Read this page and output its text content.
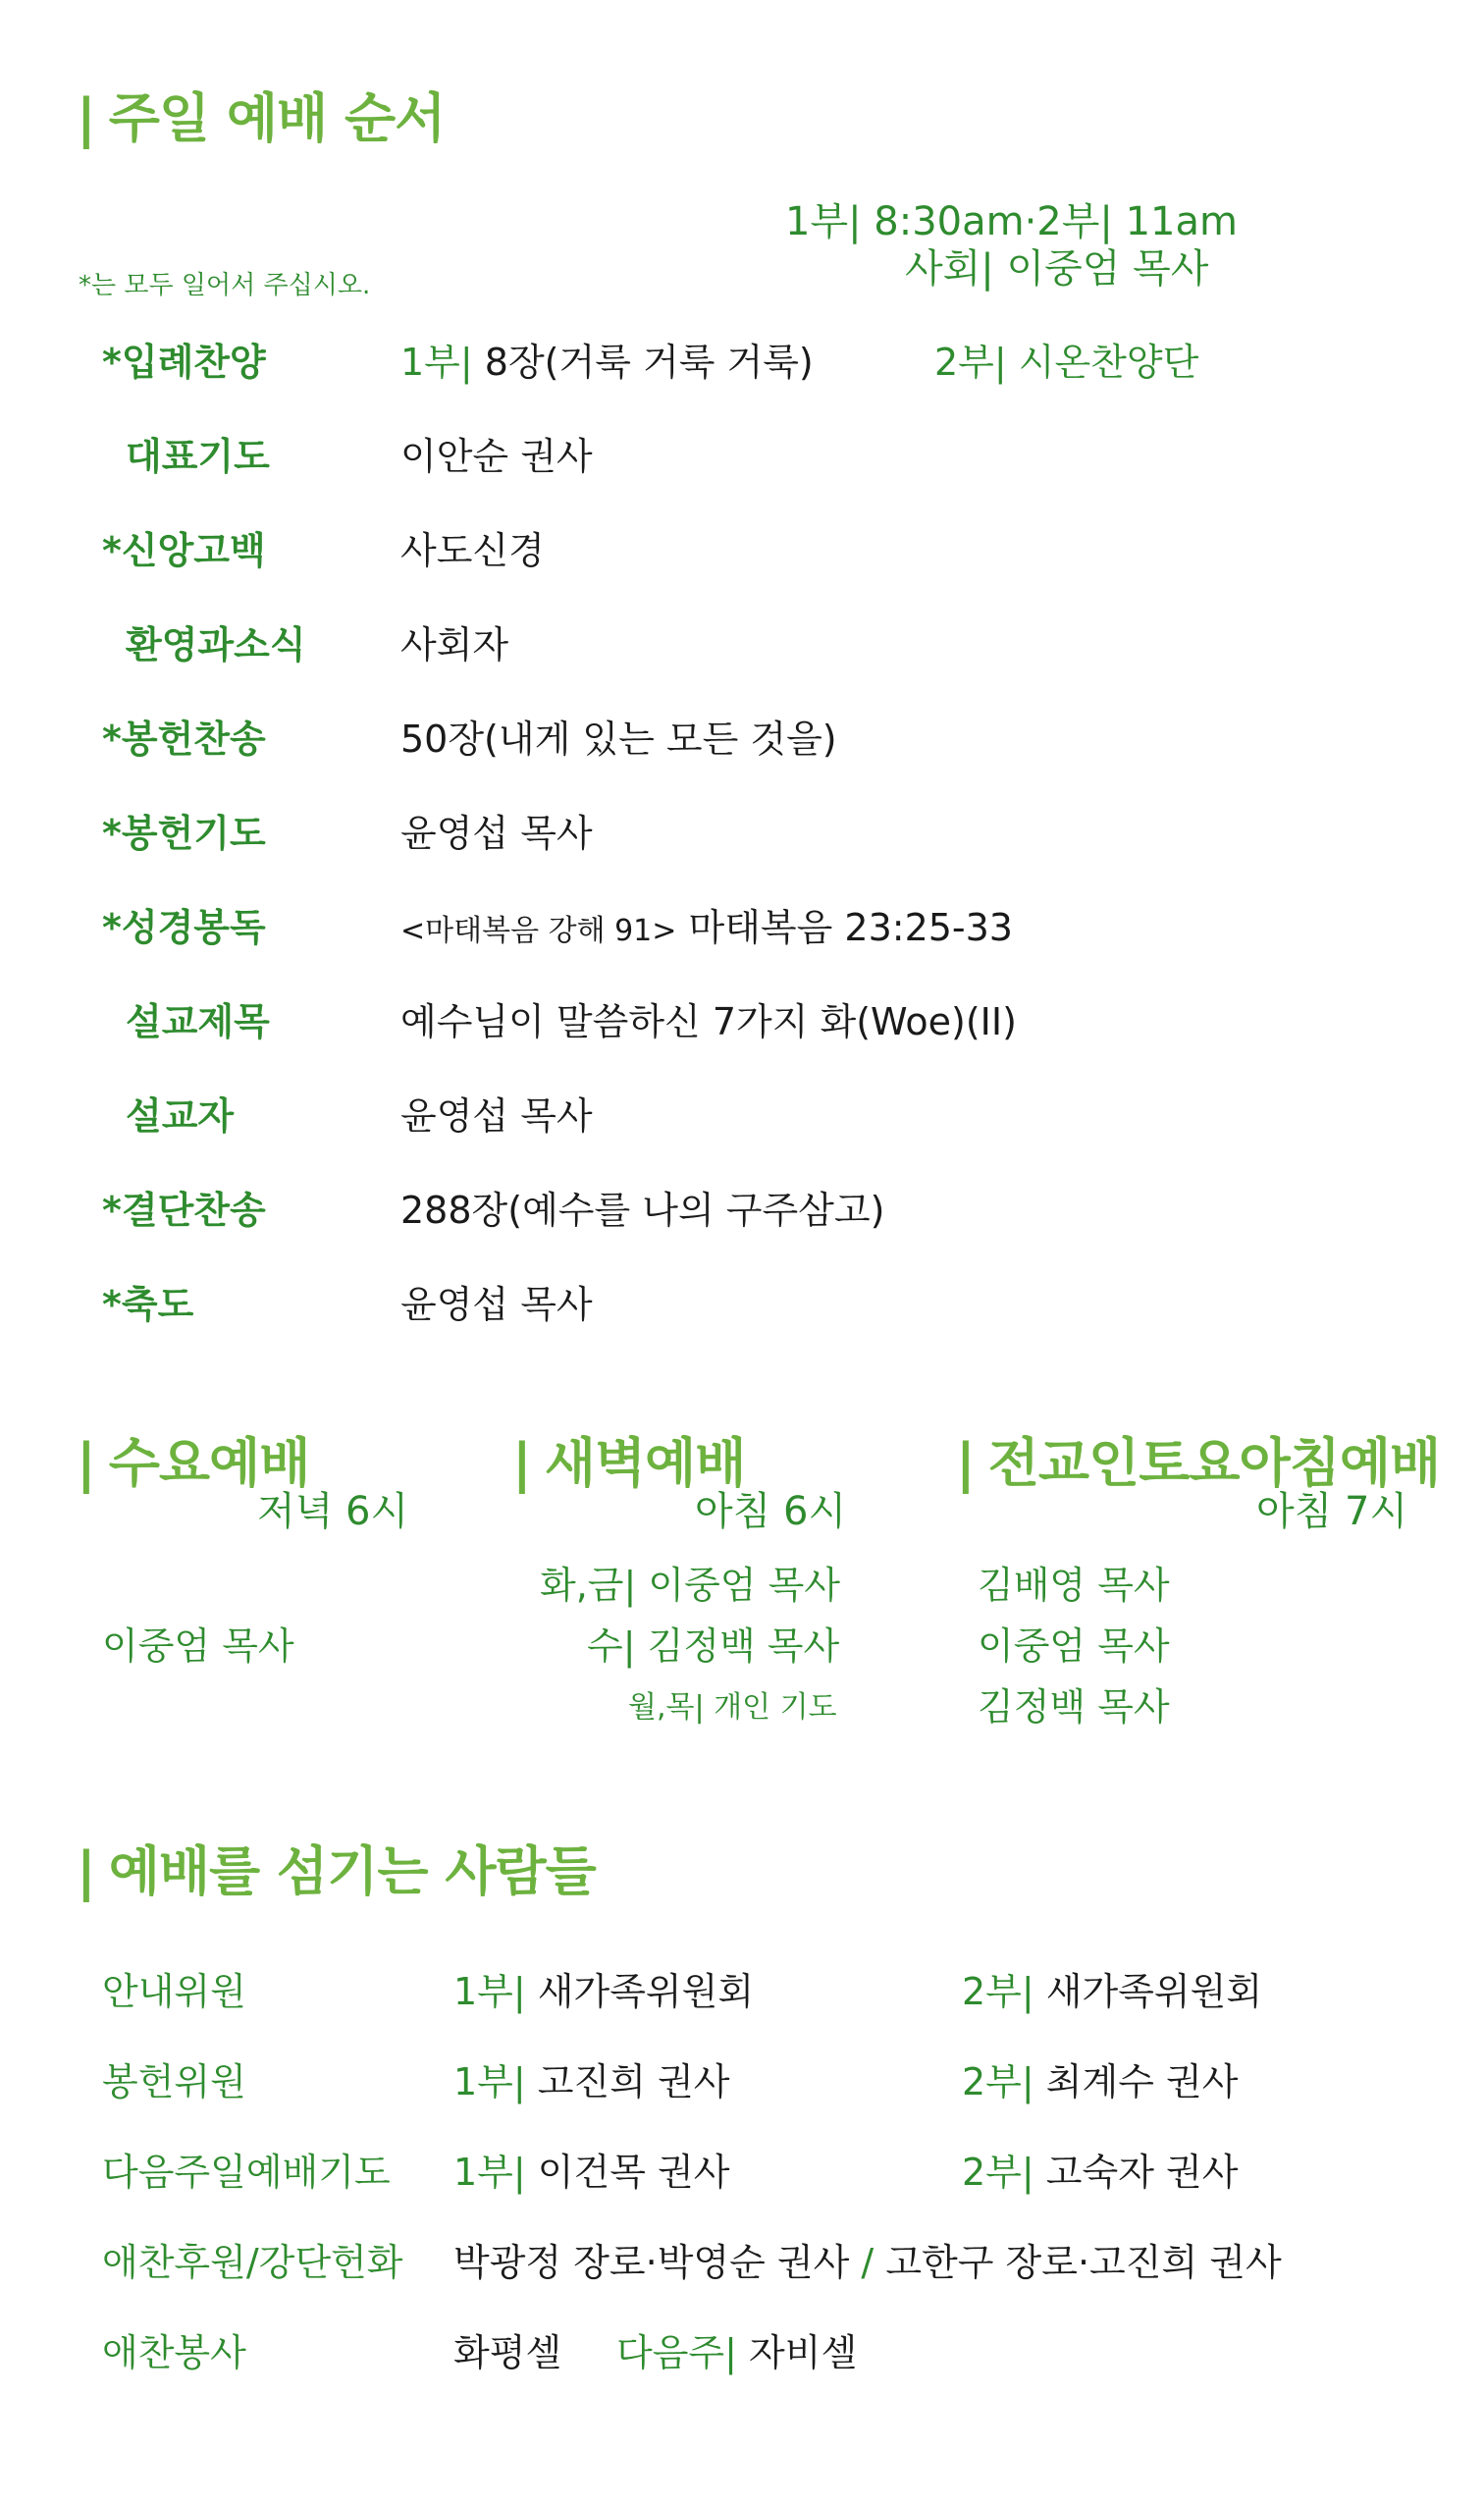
| 주일 예배 순서
1부| 8:30am·2부| 11am
사회| 이중엄 목사
*는 모두 일어서 주십시오.
*입례찬양	1부| 8장(거룩 거룩 거룩)	2부| 시온찬양단
대표기도	이안순 권사
*신앙고백	사도신경
환영과소식	사회자
*봉헌찬송	50장(내게 있는 모든 것을)
*봉헌기도	윤영섭 목사
*성경봉독	<마태복음 강해 91> 마태복음 23:25-33
설교제목	예수님이 말씀하신 7가지 화(Woe)(II)
설교자	윤영섭 목사
*결단찬송	288장(예수를 나의 구주삼고)
*축도	윤영섭 목사
| 수요예배
저녁 6시
이중엄 목사
| 새벽예배
아침 6시
화,금| 이중엄 목사
수| 김정백 목사
월,목| 개인 기도
| 전교인토요아침예배
아침 7시
김배영 목사
이중엄 목사
김정백 목사
| 예배를 섬기는 사람들
안내위원	1부| 새가족위원회	2부| 새가족위원회
봉헌위원	1부| 고진희 권사	2부| 최계수 권사
다음주일예배기도 1부| 이건목 권사	2부| 고숙자 권사
애찬후원/강단헌화 박광정 장로·박영순 권사 / 고한구 장로·고진희 권사
애찬봉사	화평셀 다음주| 자비셀
